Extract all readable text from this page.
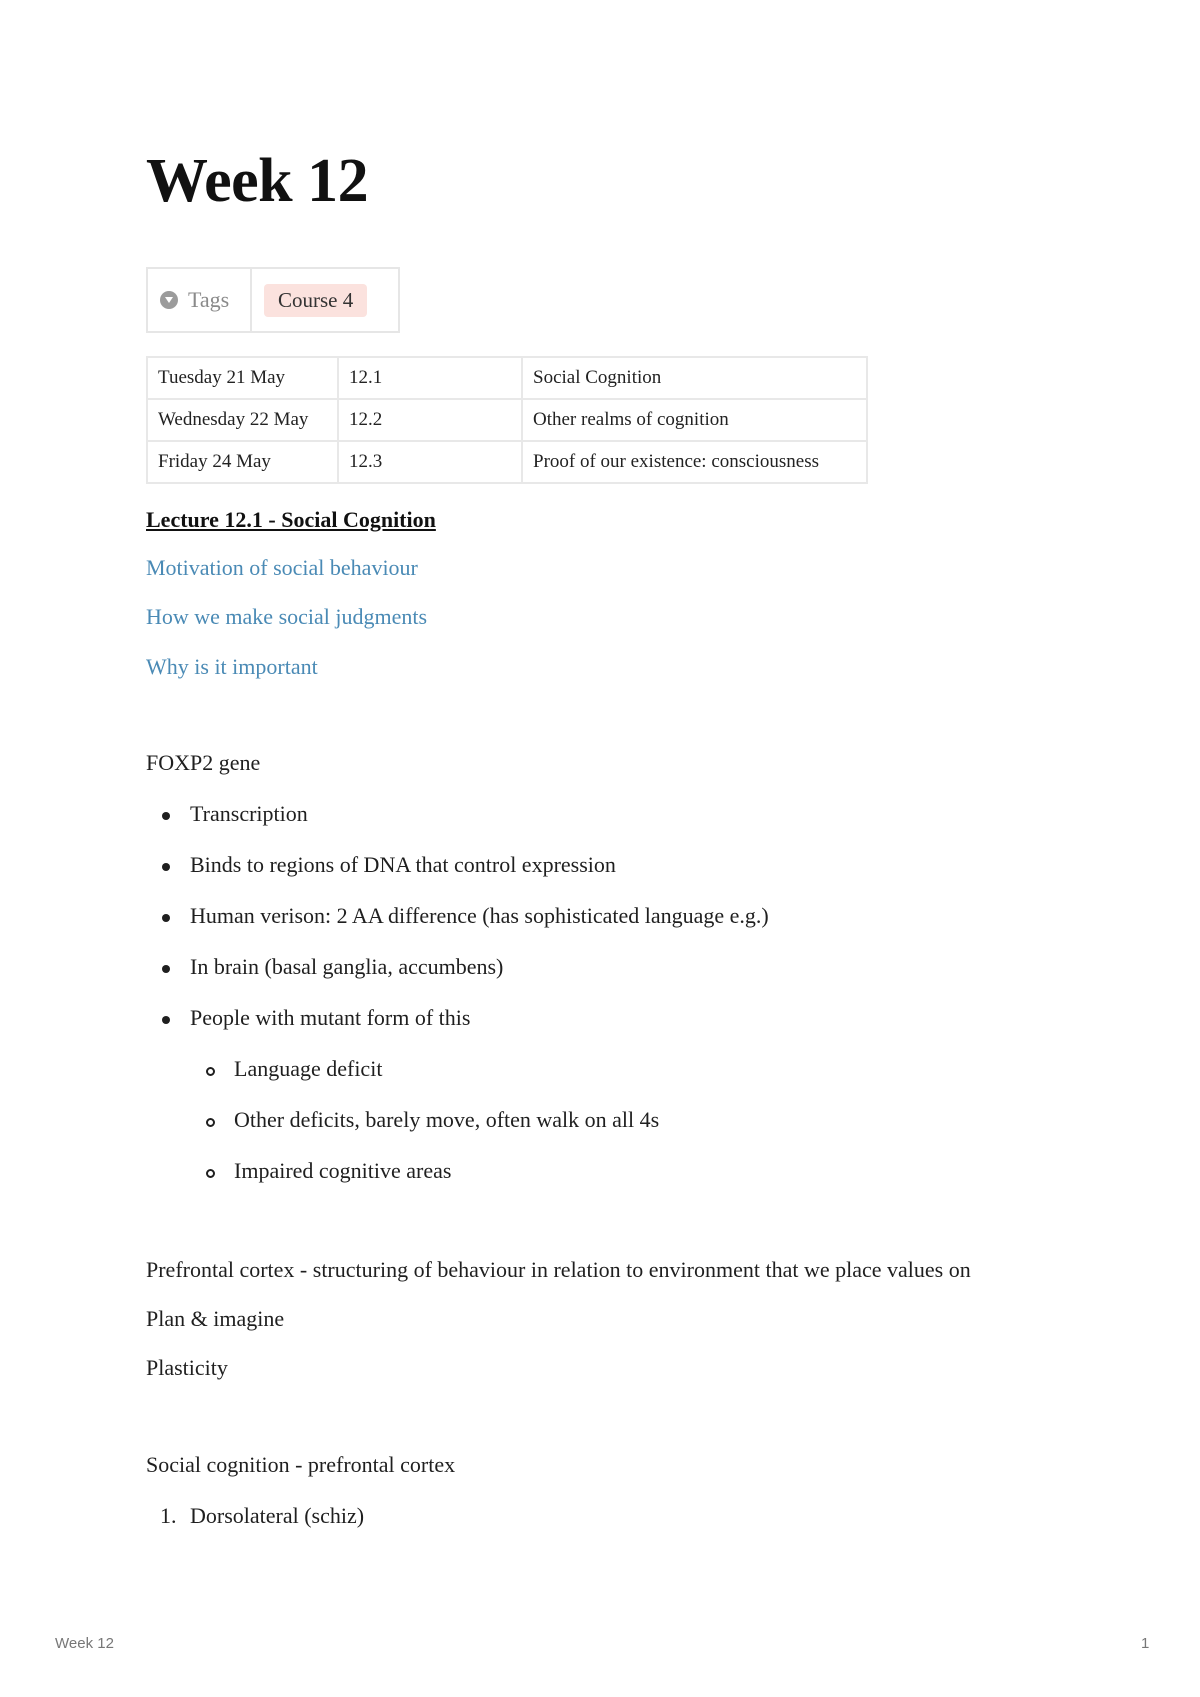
Week 12
Tags	Course 4
Tuesday 21 May	12.1	Social Cognition
Wednesday 22 May	12.2	Other realms of cognition
Friday 24 May	12.3	Proof of our existence: consciousness

Lecture 12.1 - Social Cognition

Motivation of social behaviour

How we make social judgments

Why is it important

FOXP2 gene

Transcription
Binds to regions of DNA that control expression
Human verison: 2 AA difference (has sophisticated language e.g.)
In brain (basal ganglia, accumbens)
People with mutant form of this
Language deficit
Other deficits, barely move, often walk on all 4s
Impaired cognitive areas

Prefrontal cortex - structuring of behaviour in relation to environment that we place values on

Plan & imagine

Plasticity

Social cognition - prefrontal cortex

1. Dorsolateral (schiz)
Week 12	1
